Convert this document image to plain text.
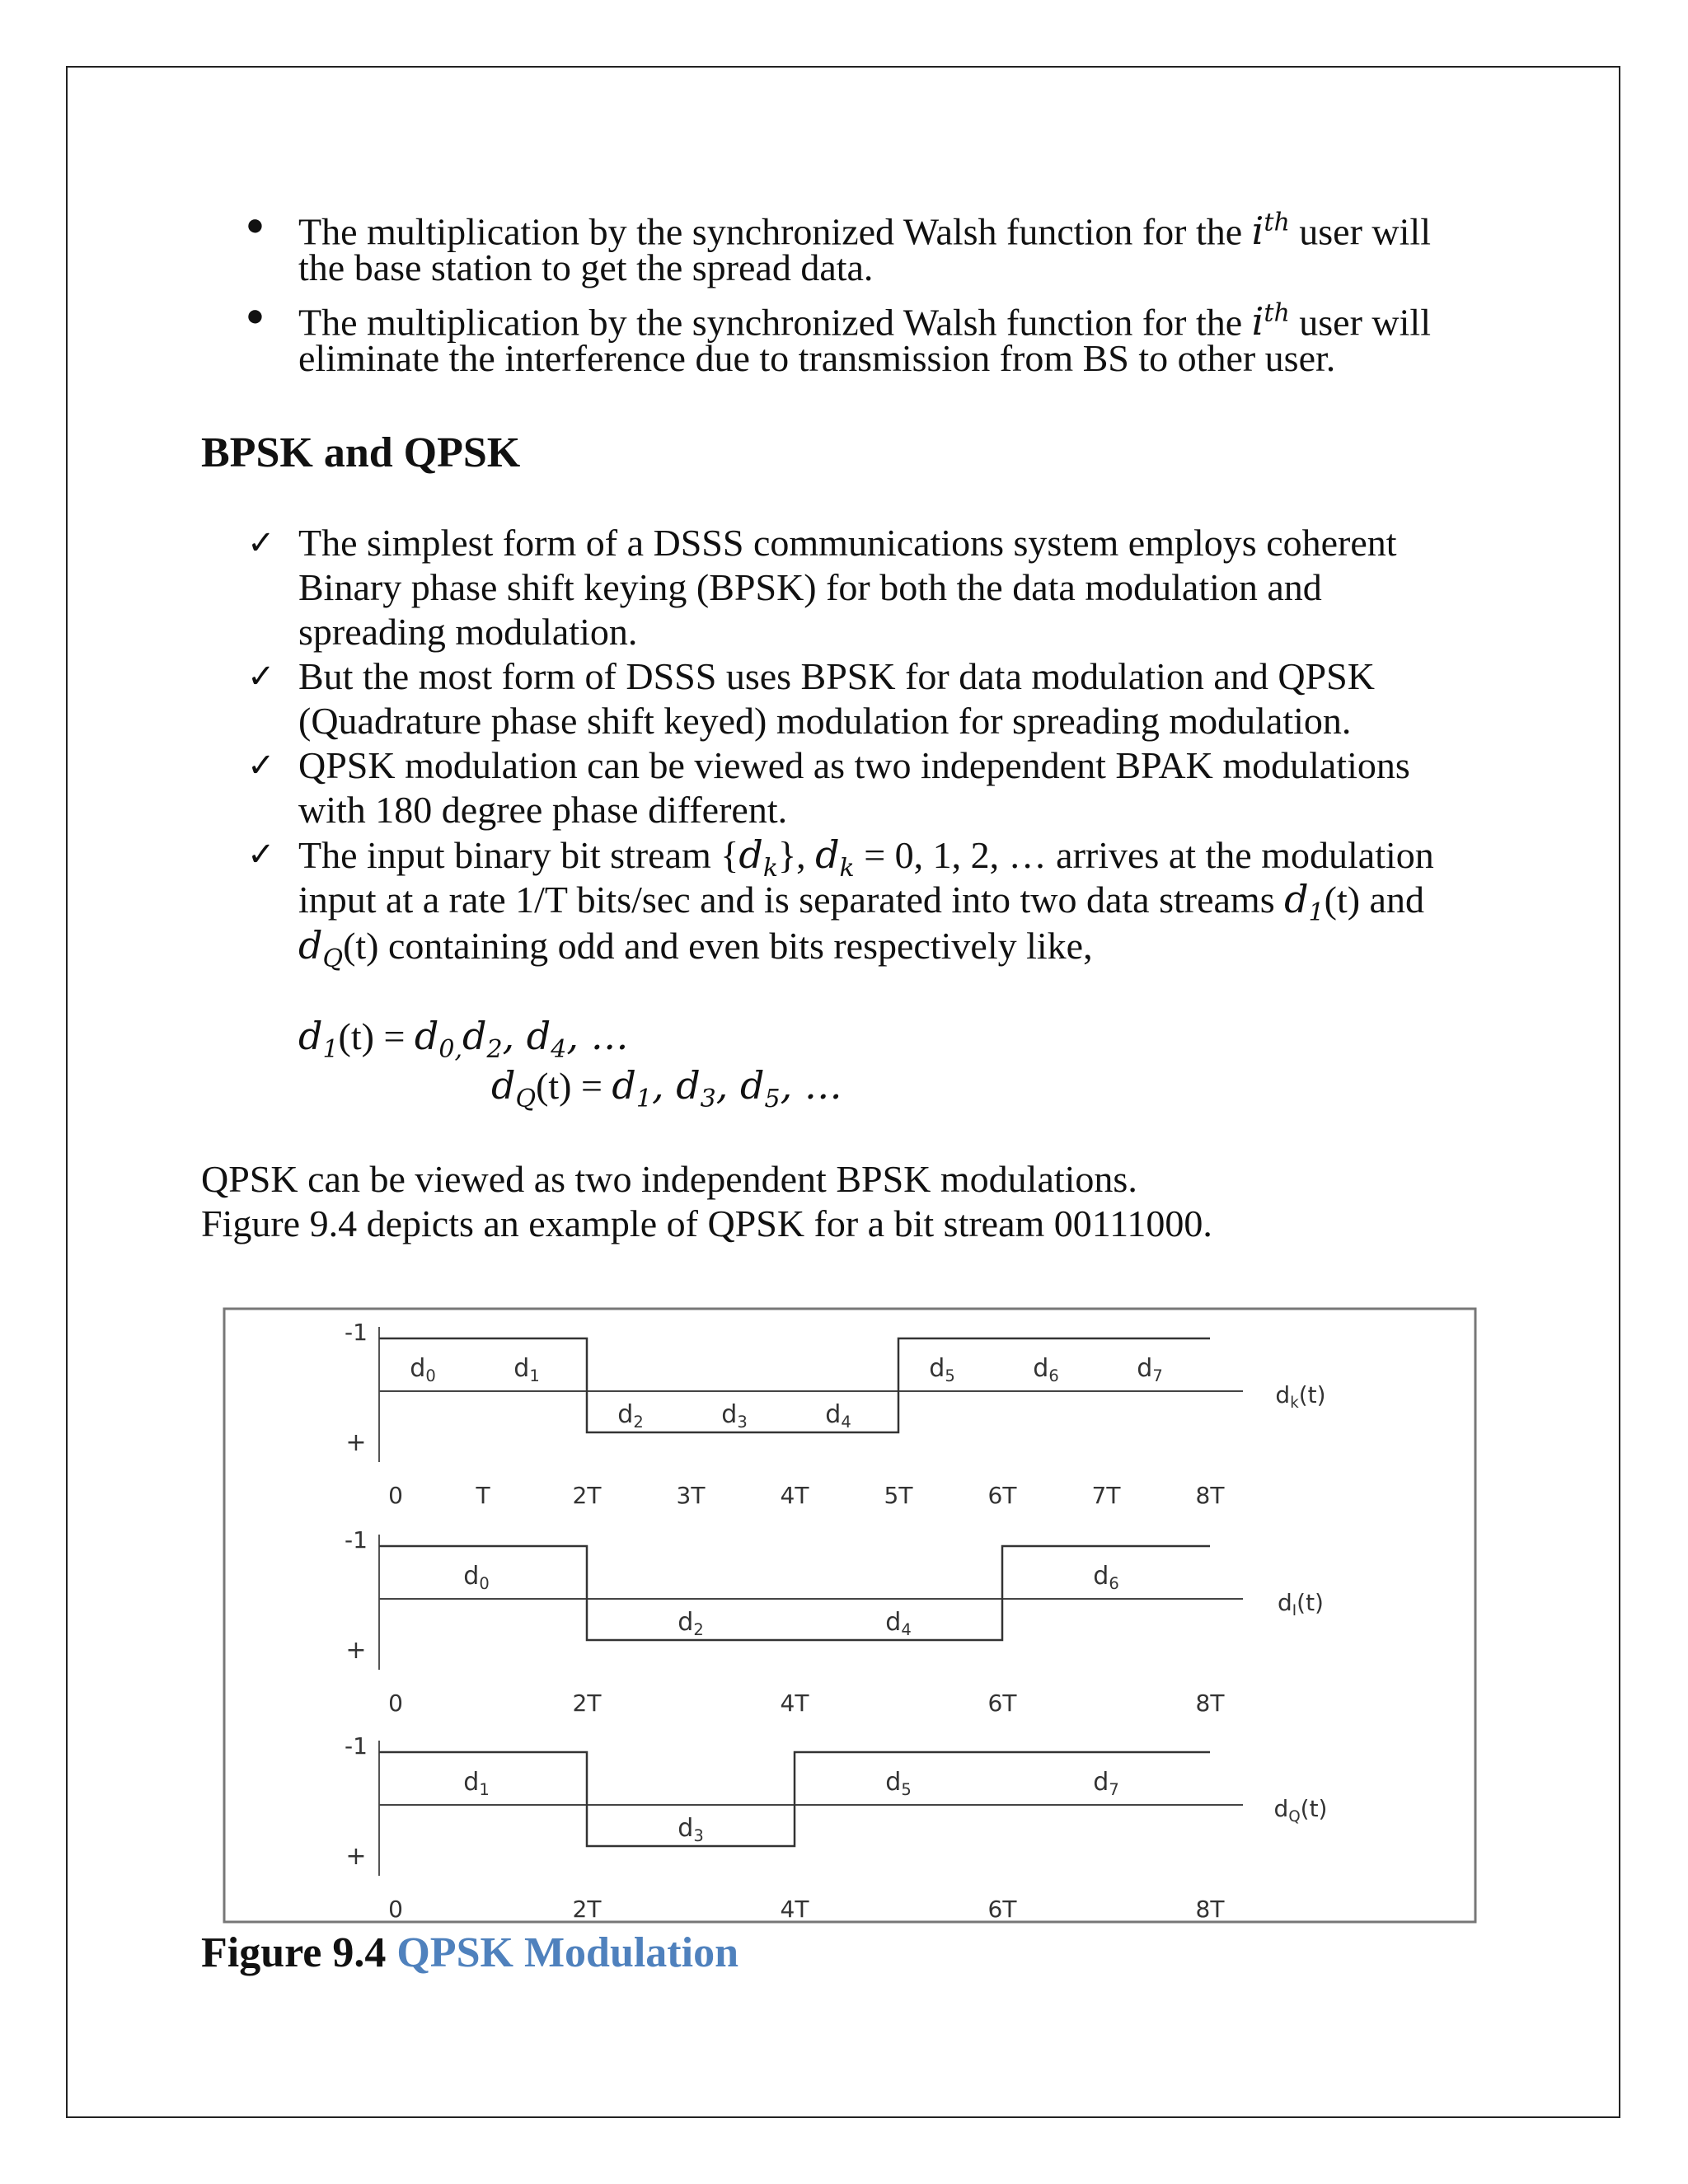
● The multiplication by the synchronized Walsh function for the $i^{th}$ user will
the base station to get the spread data.
● The multiplication by the synchronized Walsh function for the $i^{th}$ user will
eliminate the interference due to transmission from BS to other user.
BPSK and QPSK
✓ The simplest form of a DSSS communications system employs coherent
Binary phase shift keying (BPSK) for both the data modulation and
spreading modulation.
✓ But the most form of DSSS uses BPSK for data modulation and QPSK
(Quadrature phase shift keyed) modulation for spreading modulation.
✓ QPSK modulation can be viewed as two independent BPAK modulations
with 180 degree phase different.
✓ The input binary bit stream $\{d_k\}$, $d_k = 0$, 1, 2, … arrives at the modulation
input at a rate 1/T bits/sec and is separated into two data streams $d_1(t)$ and
$d_Q(t)$ containing odd and even bits respectively like,
$d_1(t) = d_{0,}d_2$, $d_4$, …
$d_Q(t) = d_1$, $d_3$, $d_5$, …
QPSK can be viewed as two independent BPSK modulations.
Figure 9.4 depicts an example of QPSK for a bit stream 00111000.
-1
+
$d_0$	$d_1$
$d_2$	$d_3$	$d_4$
$d_5$	$d_6$	$d_7$
$d_k(t)$
0	T	2T	3T	4T	5T	6T	7T	8T
-1
+
$d_0$
$d_2$	$d_4$
$d_6$
$d_I(t)$
0	2T	4T	6T	8T
-1
+
$d_1$
$d_3$
$d_5$	$d_7$
$d_Q(t)$
0	2T	4T	6T	8T
Figure 9.4 QPSK Modulation
